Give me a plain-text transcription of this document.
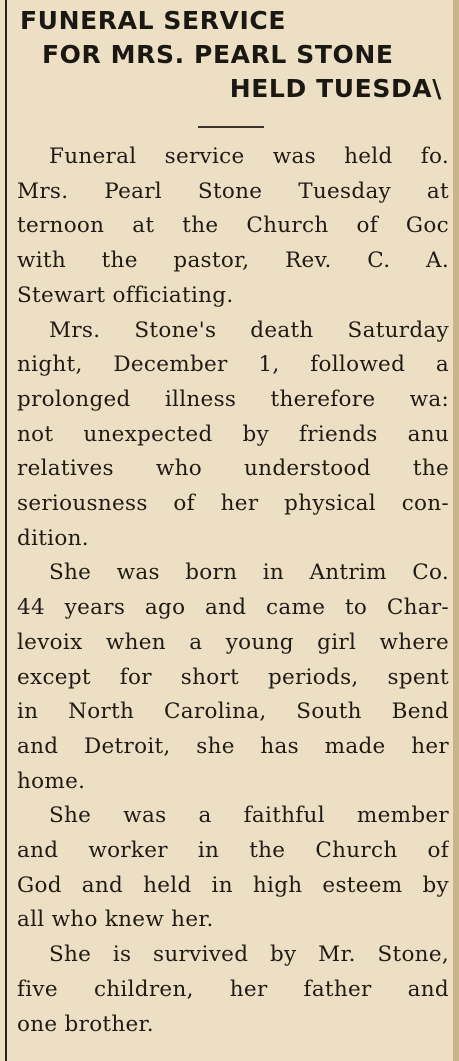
FUNERAL SERVICE
FOR MRS. PEARL STONE
HELD TUESDA\

Funeral service was held fo.
Mrs. Pearl Stone Tuesday at
ternoon at the Church of Goc
with the pastor, Rev. C. A.
Stewart officiating.

Mrs. Stone's death Saturday
night, December 1, followed a
prolonged illness therefore wa:
not unexpected by friends anu
relatives who understood the
seriousness of her physical con-
dition.

She was born in Antrim Co.
44 years ago and came to Char-
levoix when a young girl where
except for short periods, spent
in North Carolina, South Bend
and Detroit, she has made her
home.

She was a faithful member
and worker in the Church of
God and held in high esteem by
all who knew her.

She is survived by Mr. Stone,
five children, her father and
one brother.
